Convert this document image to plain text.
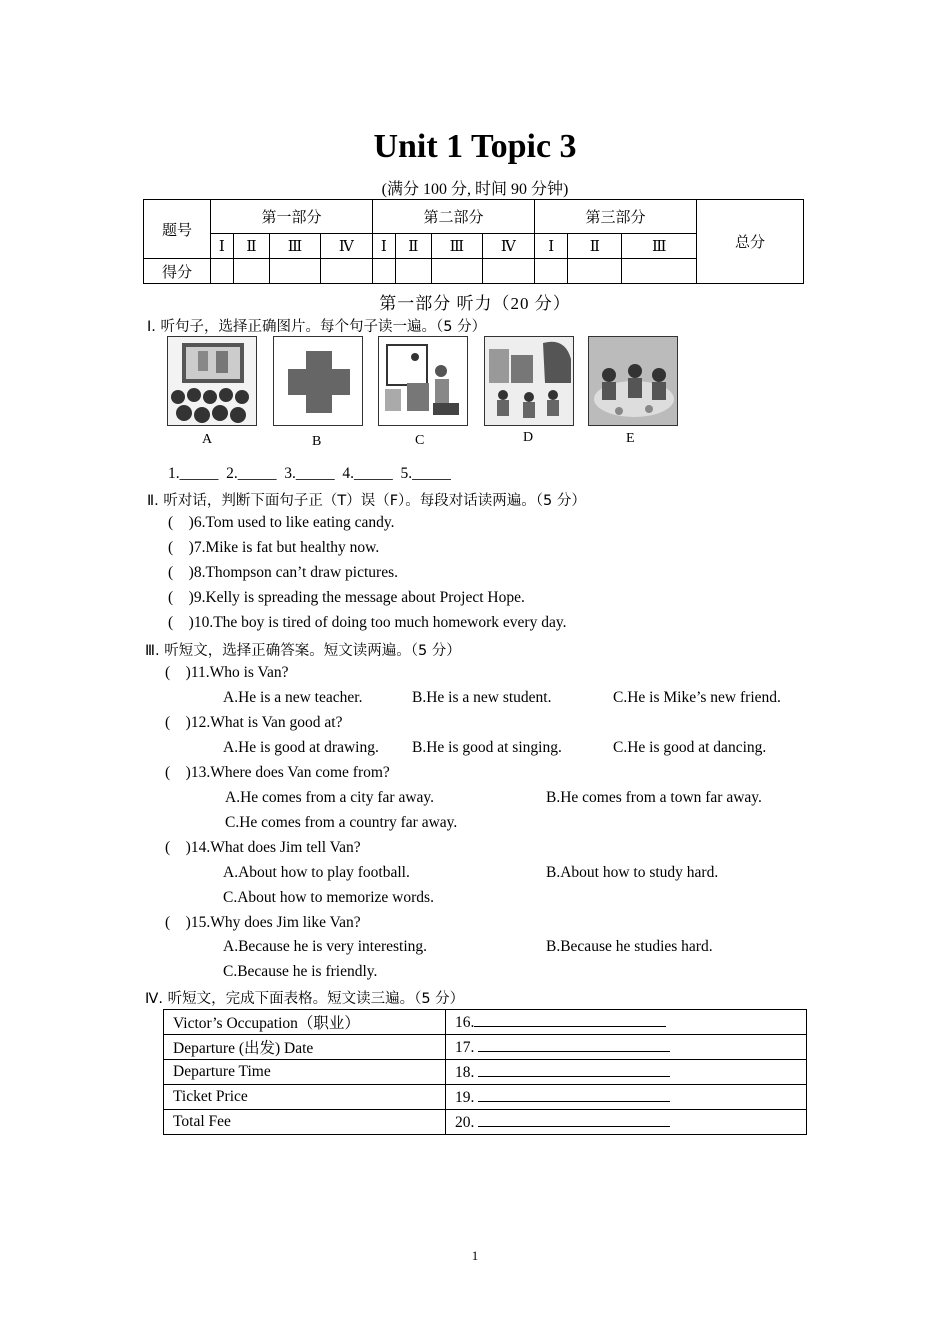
Unit 1 Topic 3
(满分 100 分, 时间 90 分钟)
题号	第一部分				第二部分				第三部分			总分
	Ⅰ	Ⅱ	Ⅲ	Ⅳ	Ⅰ	Ⅱ	Ⅲ	Ⅳ	Ⅰ	Ⅱ	Ⅲ	
得分												
第一部分 听力（20 分）
Ⅰ. 听句子，选择正确图片。每个句子读一遍。（5 分）
A	B	C	D	E
1._____  2._____  3._____  4._____  5._____
Ⅱ. 听对话，判断下面句子正（T）误（F）。每段对话读两遍。（5 分）
(    )6.Tom used to like eating candy.
(    )7.Mike is fat but healthy now.
(    )8.Thompson can’t draw pictures.
(    )9.Kelly is spreading the message about Project Hope.
(    )10.The boy is tired of doing too much homework every day.
Ⅲ. 听短文，选择正确答案。短文读两遍。（5 分）
(    )11.Who is Van?
A.He is a new teacher.	B.He is a new student.	C.He is Mike’s new friend.
(    )12.What is Van good at?
A.He is good at drawing. B.He is good at singing.	C.He is good at dancing.
(    )13.Where does Van come from?
A.He comes from a city far away.	B.He comes from a town far away.
C.He comes from a country far away.
(    )14.What does Jim tell Van?
A.About how to play football.	B.About how to study hard.
C.About how to memorize words.
(    )15.Why does Jim like Van?
A.Because he is very interesting.	B.Because he studies hard.
C.Because he is friendly.
Ⅳ. 听短文，完成下面表格。短文读三遍。（5 分）
Victor’s Occupation（职业）	16.
Departure (出发) Date	17.
Departure Time	18.
Ticket Price	19.
Total Fee	20.
1
